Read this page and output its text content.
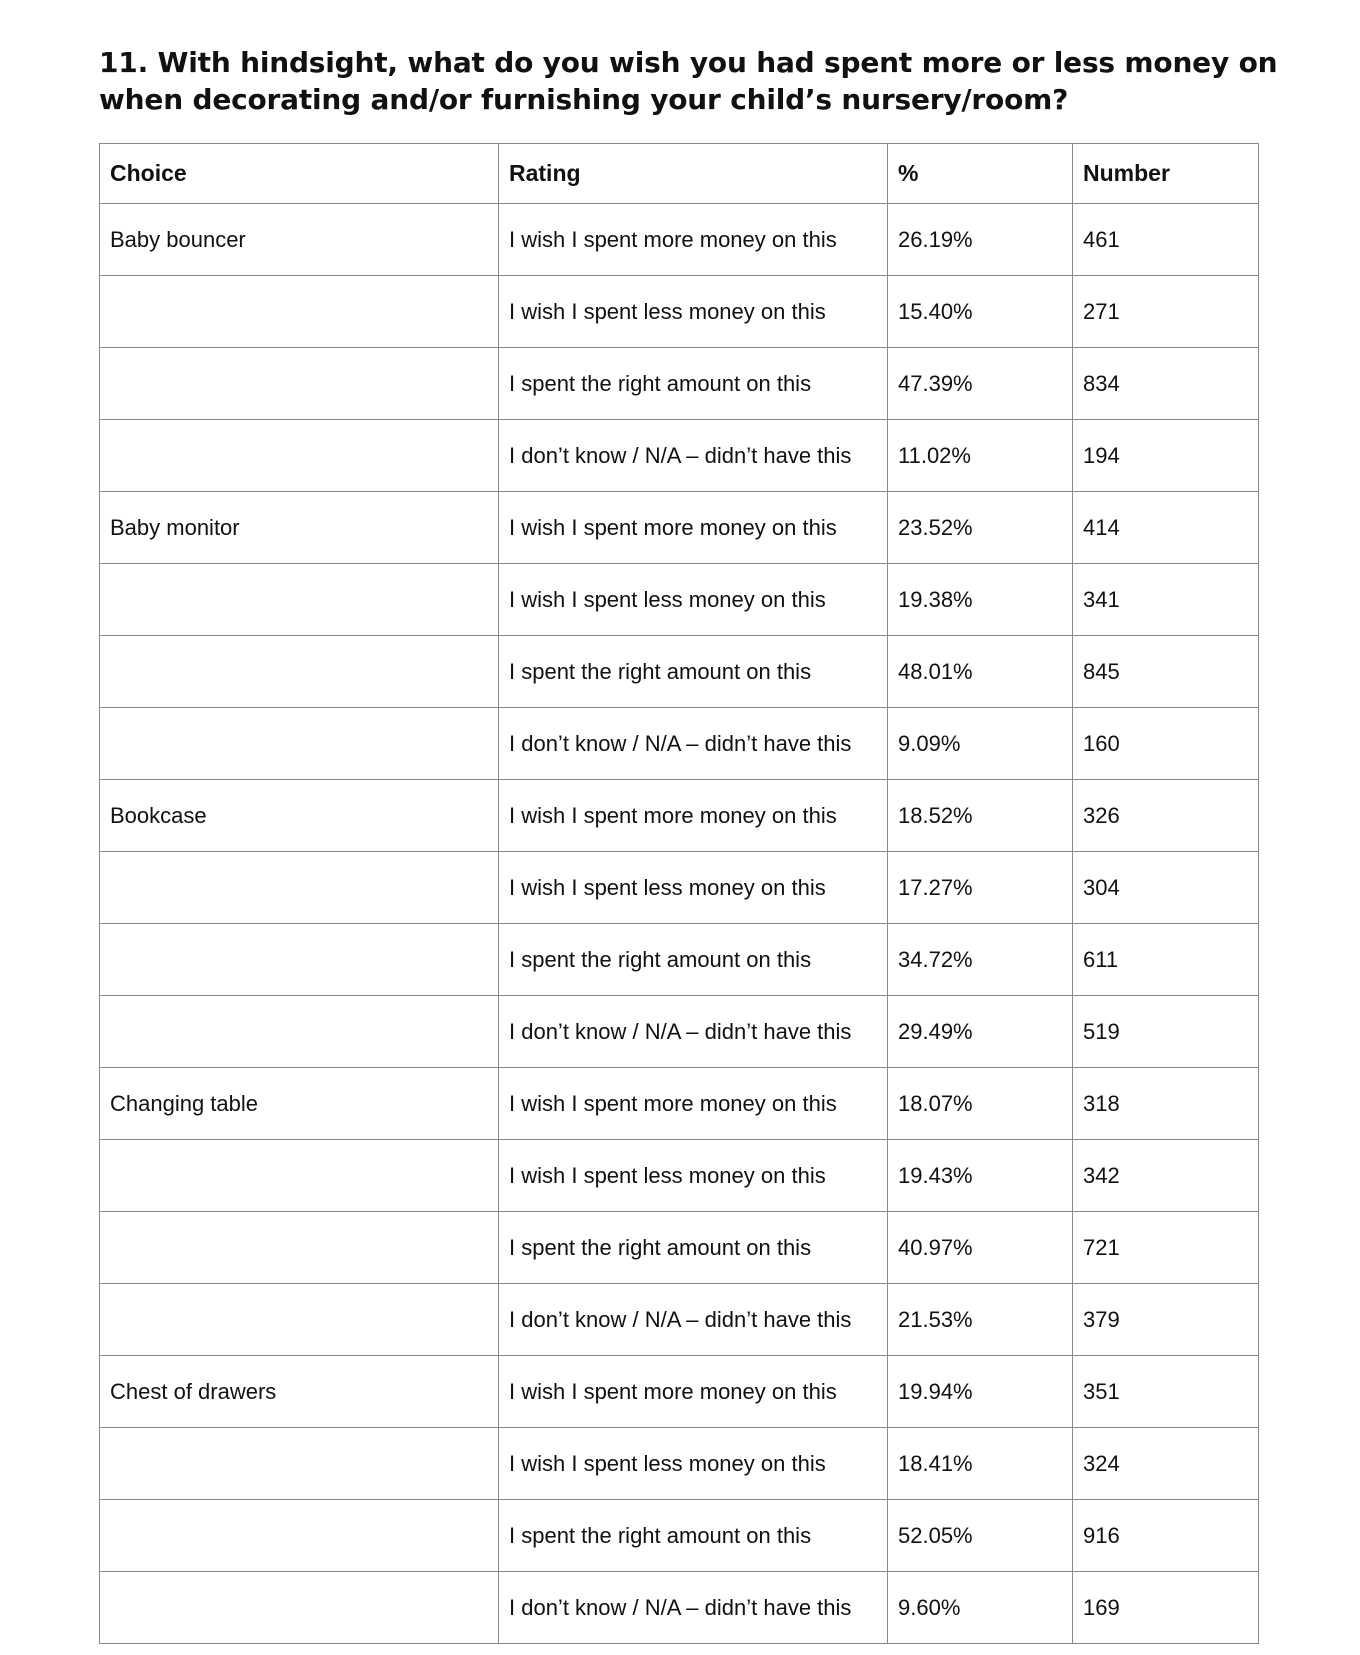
11. With hindsight, what do you wish you had spent more or less money on when decorating and/or furnishing your child’s nursery/room?
Choice	Rating	%	Number
Baby bouncer	I wish I spent more money on this	26.19%	461
	I wish I spent less money on this	15.40%	271
	I spent the right amount on this	47.39%	834
	I don’t know / N/A – didn’t have this	11.02%	194
Baby monitor	I wish I spent more money on this	23.52%	414
	I wish I spent less money on this	19.38%	341
	I spent the right amount on this	48.01%	845
	I don’t know / N/A – didn’t have this	9.09%	160
Bookcase	I wish I spent more money on this	18.52%	326
	I wish I spent less money on this	17.27%	304
	I spent the right amount on this	34.72%	611
	I don’t know / N/A – didn’t have this	29.49%	519
Changing table	I wish I spent more money on this	18.07%	318
	I wish I spent less money on this	19.43%	342
	I spent the right amount on this	40.97%	721
	I don’t know / N/A – didn’t have this	21.53%	379
Chest of drawers	I wish I spent more money on this	19.94%	351
	I wish I spent less money on this	18.41%	324
	I spent the right amount on this	52.05%	916
	I don’t know / N/A – didn’t have this	9.60%	169
